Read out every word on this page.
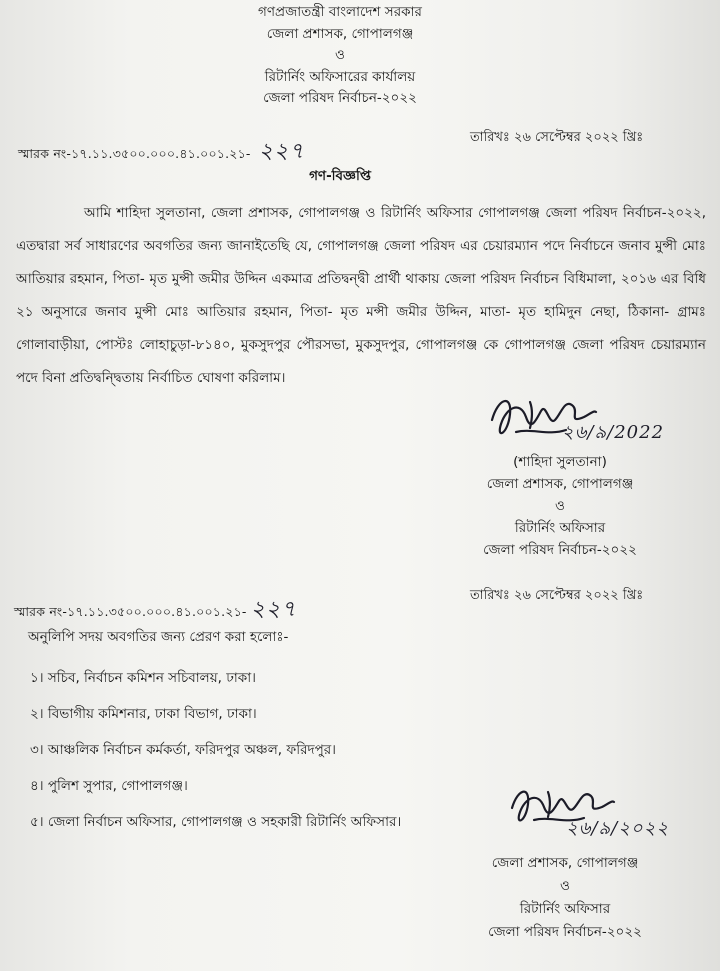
গণপ্রজাতন্ত্রী বাংলাদেশ সরকার
জেলা প্রশাসক, গোপালগঞ্জ
ও
রিটার্নিং অফিসারের কার্যালয়
জেলা পরিষদ নির্বাচন-২০২২
স্মারক নং-১৭.১১.৩৫০০.০০০.৪১.০০১.২১- ২২৭
তারিখঃ ২৬ সেপ্টেম্বর ২০২২ খ্রিঃ
গণ-বিজ্ঞপ্তি
আমি শাহিদা সুলতানা, জেলা প্রশাসক, গোপালগঞ্জ ও রিটার্নিং অফিসার গোপালগঞ্জ জেলা পরিষদ নির্বাচন-২০২২, এতদ্বারা সর্ব সাধারণের অবগতির জন্য জানাইতেছি যে, গোপালগঞ্জ জেলা পরিষদ এর চেয়ারম্যান পদে নির্বাচনে জনাব মুন্সী মোঃ আতিয়ার রহমান, পিতা- মৃত মুন্সী জমীর উদ্দিন একমাত্র প্রতিদ্বন্দ্বী প্রার্থী থাকায় জেলা পরিষদ নির্বাচন বিধিমালা, ২০১৬ এর বিধি ২১ অনুসারে জনাব মুন্সী মোঃ আতিয়ার রহমান, পিতা- মৃত মন্সী জমীর উদ্দিন, মাতা- মৃত হামিদুন নেছা, ঠিকানা- গ্রামঃ গোলাবাড়ীয়া, পোস্টঃ লোহাচুড়া-৮১৪০, মুকসুদপুর পৌরসভা, মুকসুদপুর, গোপালগঞ্জ কে গোপালগঞ্জ জেলা পরিষদ চেয়ারম্যান পদে বিনা প্রতিদ্বন্দ্বিতায় নির্বাচিত ঘোষণা করিলাম।
২৬/৯/2022
(শাহিদা সুলতানা)
জেলা প্রশাসক, গোপালগঞ্জ
ও
রিটার্নিং অফিসার
জেলা পরিষদ নির্বাচন-২০২২
স্মারক নং-১৭.১১.৩৫০০.০০০.৪১.০০১.২১- ২২৭
তারিখঃ ২৬ সেপ্টেম্বর ২০২২ খ্রিঃ
অনুলিপি সদয় অবগতির জন্য প্রেরণ করা হলোঃ-
১। সচিব, নির্বাচন কমিশন সচিবালয়, ঢাকা।
২। বিভাগীয় কমিশনার, ঢাকা বিভাগ, ঢাকা।
৩। আঞ্চলিক নির্বাচন কর্মকর্তা, ফরিদপুর অঞ্চল, ফরিদপুর।
৪। পুলিশ সুপার, গোপালগঞ্জ।
৫। জেলা নির্বাচন অফিসার, গোপালগঞ্জ ও সহকারী রিটার্নিং অফিসার।	২৬/৯/২০২২
জেলা প্রশাসক, গোপালগঞ্জ
ও
রিটার্নিং অফিসার
জেলা পরিষদ নির্বাচন-২০২২
